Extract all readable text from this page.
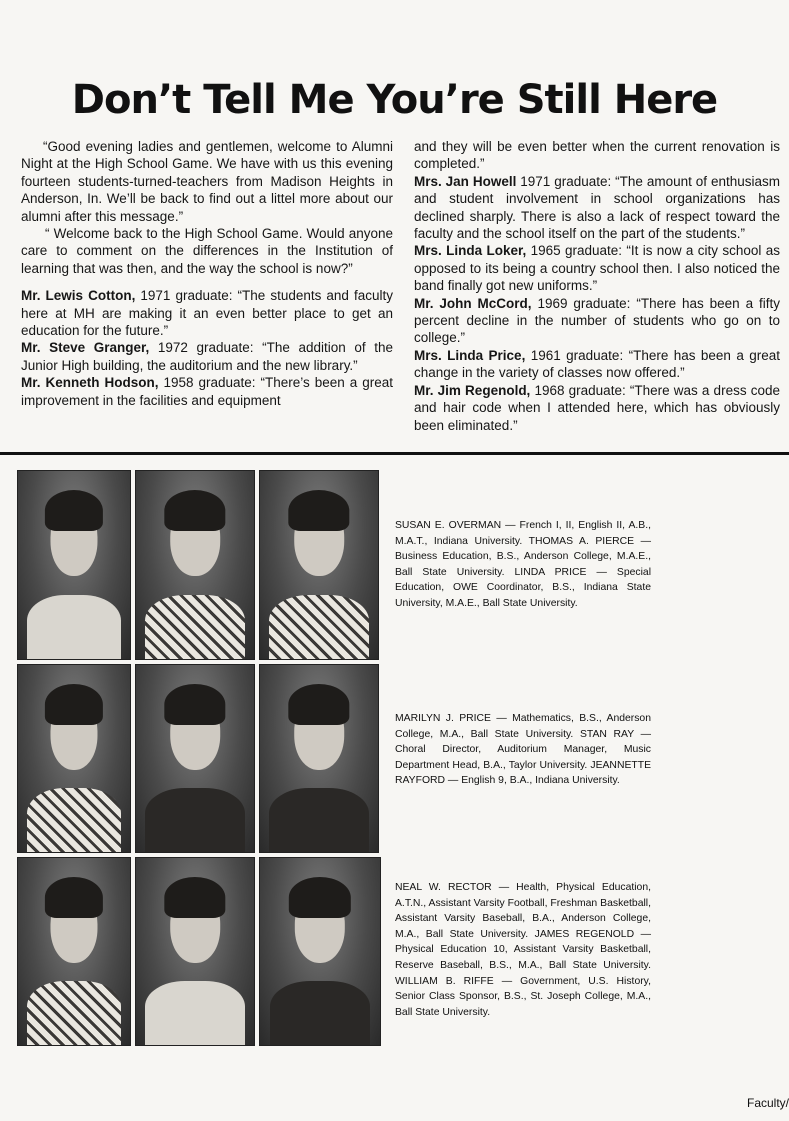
Don’t Tell Me You’re Still Here

“Good evening ladies and gentlemen, welcome to Alumni Night at the High School Game. We have with us this evening fourteen students-turned-teachers from Madison Heights in Anderson, In. We’ll be back to find out a littel more about our alumni after this message.”

“ Welcome back to the High School Game. Would anyone care to comment on the differences in the Institution of learning that was then, and the way the school is now?”

Mr. Lewis Cotton, 1971 graduate: “The students and faculty here at MH are making it an even better place to get an education for the future.”

Mr. Steve Granger, 1972 graduate: “The addition of the Junior High building, the auditorium and the new library.”

Mr. Kenneth Hodson, 1958 graduate: “There’s been a great improvement in the facilities and equipment

and they will be even better when the current renovation is completed.”

Mrs. Jan Howell 1971 graduate: “The amount of enthusiasm and student involvement in school organizations has declined sharply. There is also a lack of respect toward the faculty and the school itself on the part of the students.”

Mrs. Linda Loker, 1965 graduate: “It is now a city school as opposed to its being a country school then. I also noticed the band finally got new uniforms.”

Mr. John McCord, 1969 graduate: “There has been a fifty percent decline in the number of students who go on to college.”

Mrs. Linda Price, 1961 graduate: “There has been a great change in the variety of classes now offered.”

Mr. Jim Regenold, 1968 graduate: “There was a dress code and hair code when I attended here, which has obviously been eliminated.”

SUSAN E. OVERMAN — French I, II, English II, A.B., M.A.T., Indiana University. THOMAS A. PIERCE — Business Education, B.S., Anderson College, M.A.E., Ball State University. LINDA PRICE — Special Education, OWE Coordinator, B.S., Indiana State University, M.A.E., Ball State University.
MARILYN J. PRICE — Mathematics, B.S., Anderson College, M.A., Ball State University. STAN RAY — Choral Director, Auditorium Manager, Music Department Head, B.A., Taylor University. JEANNETTE RAYFORD — English 9, B.A., Indiana University.
NEAL W. RECTOR — Health, Physical Education, A.T.N., Assistant Varsity Football, Freshman Basketball, Assistant Varsity Baseball, B.A., Anderson College, M.A., Ball State University. JAMES REGENOLD — Physical Education 10, Assistant Varsity Basketball, Reserve Baseball, B.S., M.A., Ball State University. WILLIAM B. RIFFE — Government, U.S. History, Senior Class Sponsor, B.S., St. Joseph College, M.A., Ball State University.
Faculty/
